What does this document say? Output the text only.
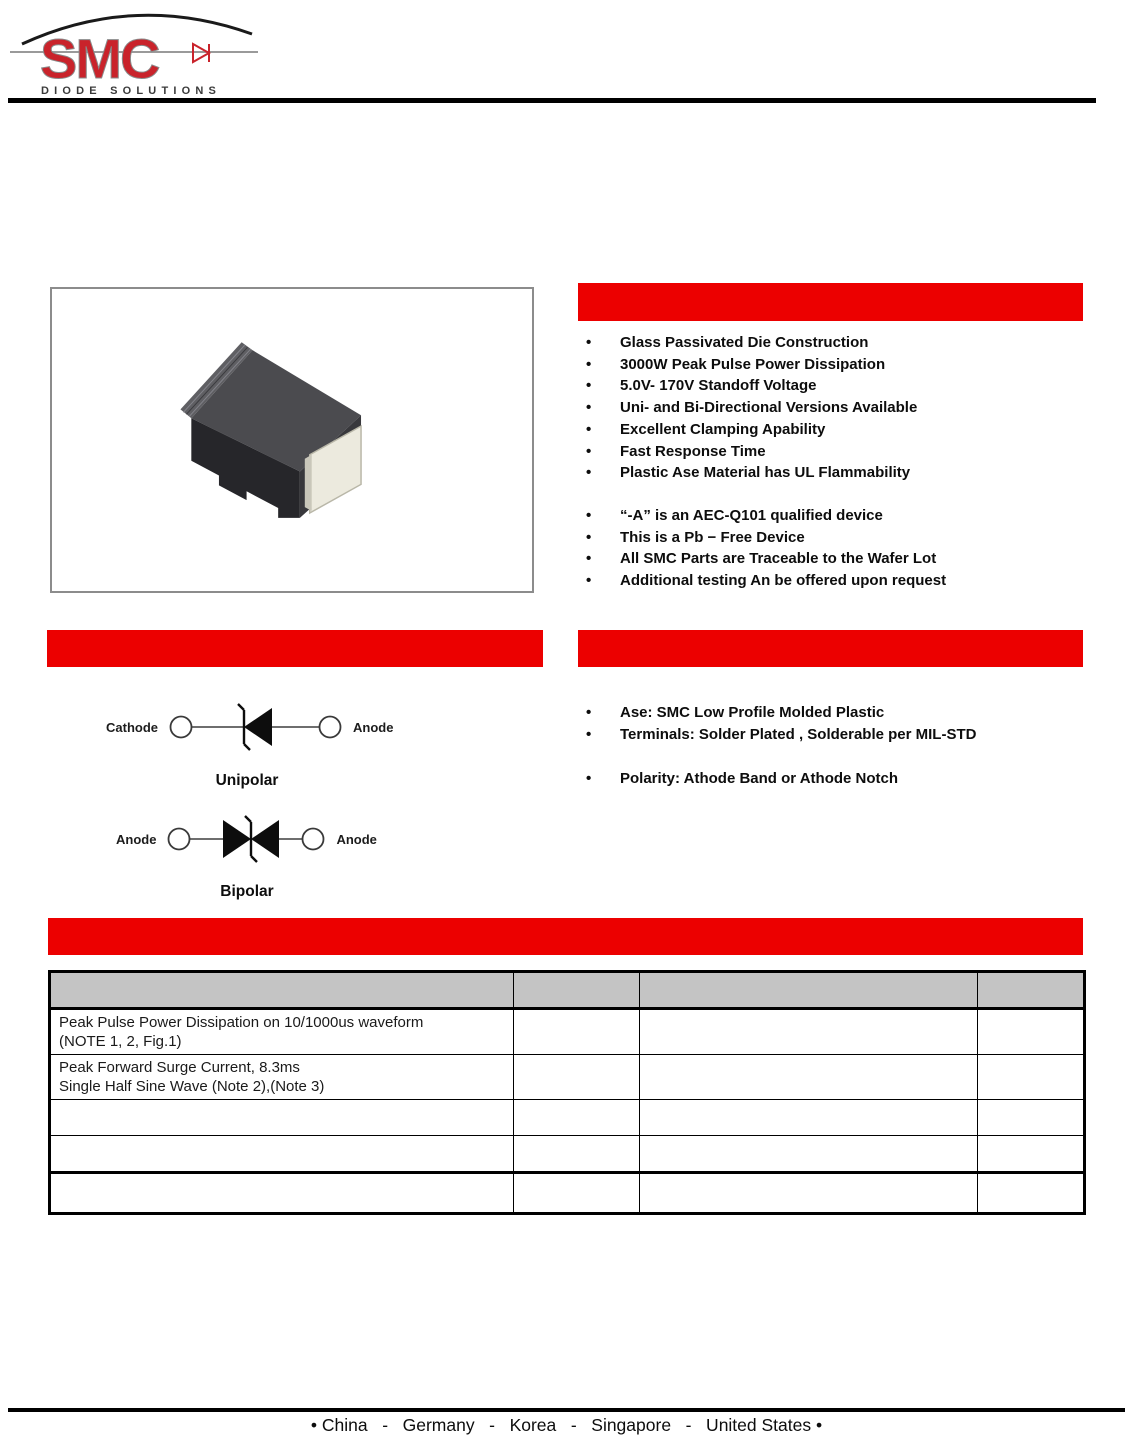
SMC
DIODE SOLUTIONS
• Glass Passivated Die Construction
• 3000W Peak Pulse Power Dissipation
• 5.0V- 170V Standoff Voltage
• Uni- and Bi-Directional Versions Available
• Excellent Clamping Apability
• Fast Response Time
• Plastic Ase Material has UL Flammability
• “-A” is an AEC-Q101 qualified device
• This is a Pb − Free Device
• All SMC Parts are Traceable to the Wafer Lot
• Additional testing An be offered upon request
Cathode	Anode
Unipolar
Anode	Anode
Bipolar
• Ase: SMC Low Profile Molded Plastic
• Terminals: Solder Plated , Solderable per MIL-STD
• Polarity: Athode Band or Athode Notch

Peak Pulse Power Dissipation on 10/1000us waveform
(NOTE 1, 2, Fig.1)			

Peak Forward Surge Current, 8.3ms
Single Half Sine Wave (Note 2),(Note 3)			

• China   -   Germany   -   Korea   -   Singapore   -   United States •
